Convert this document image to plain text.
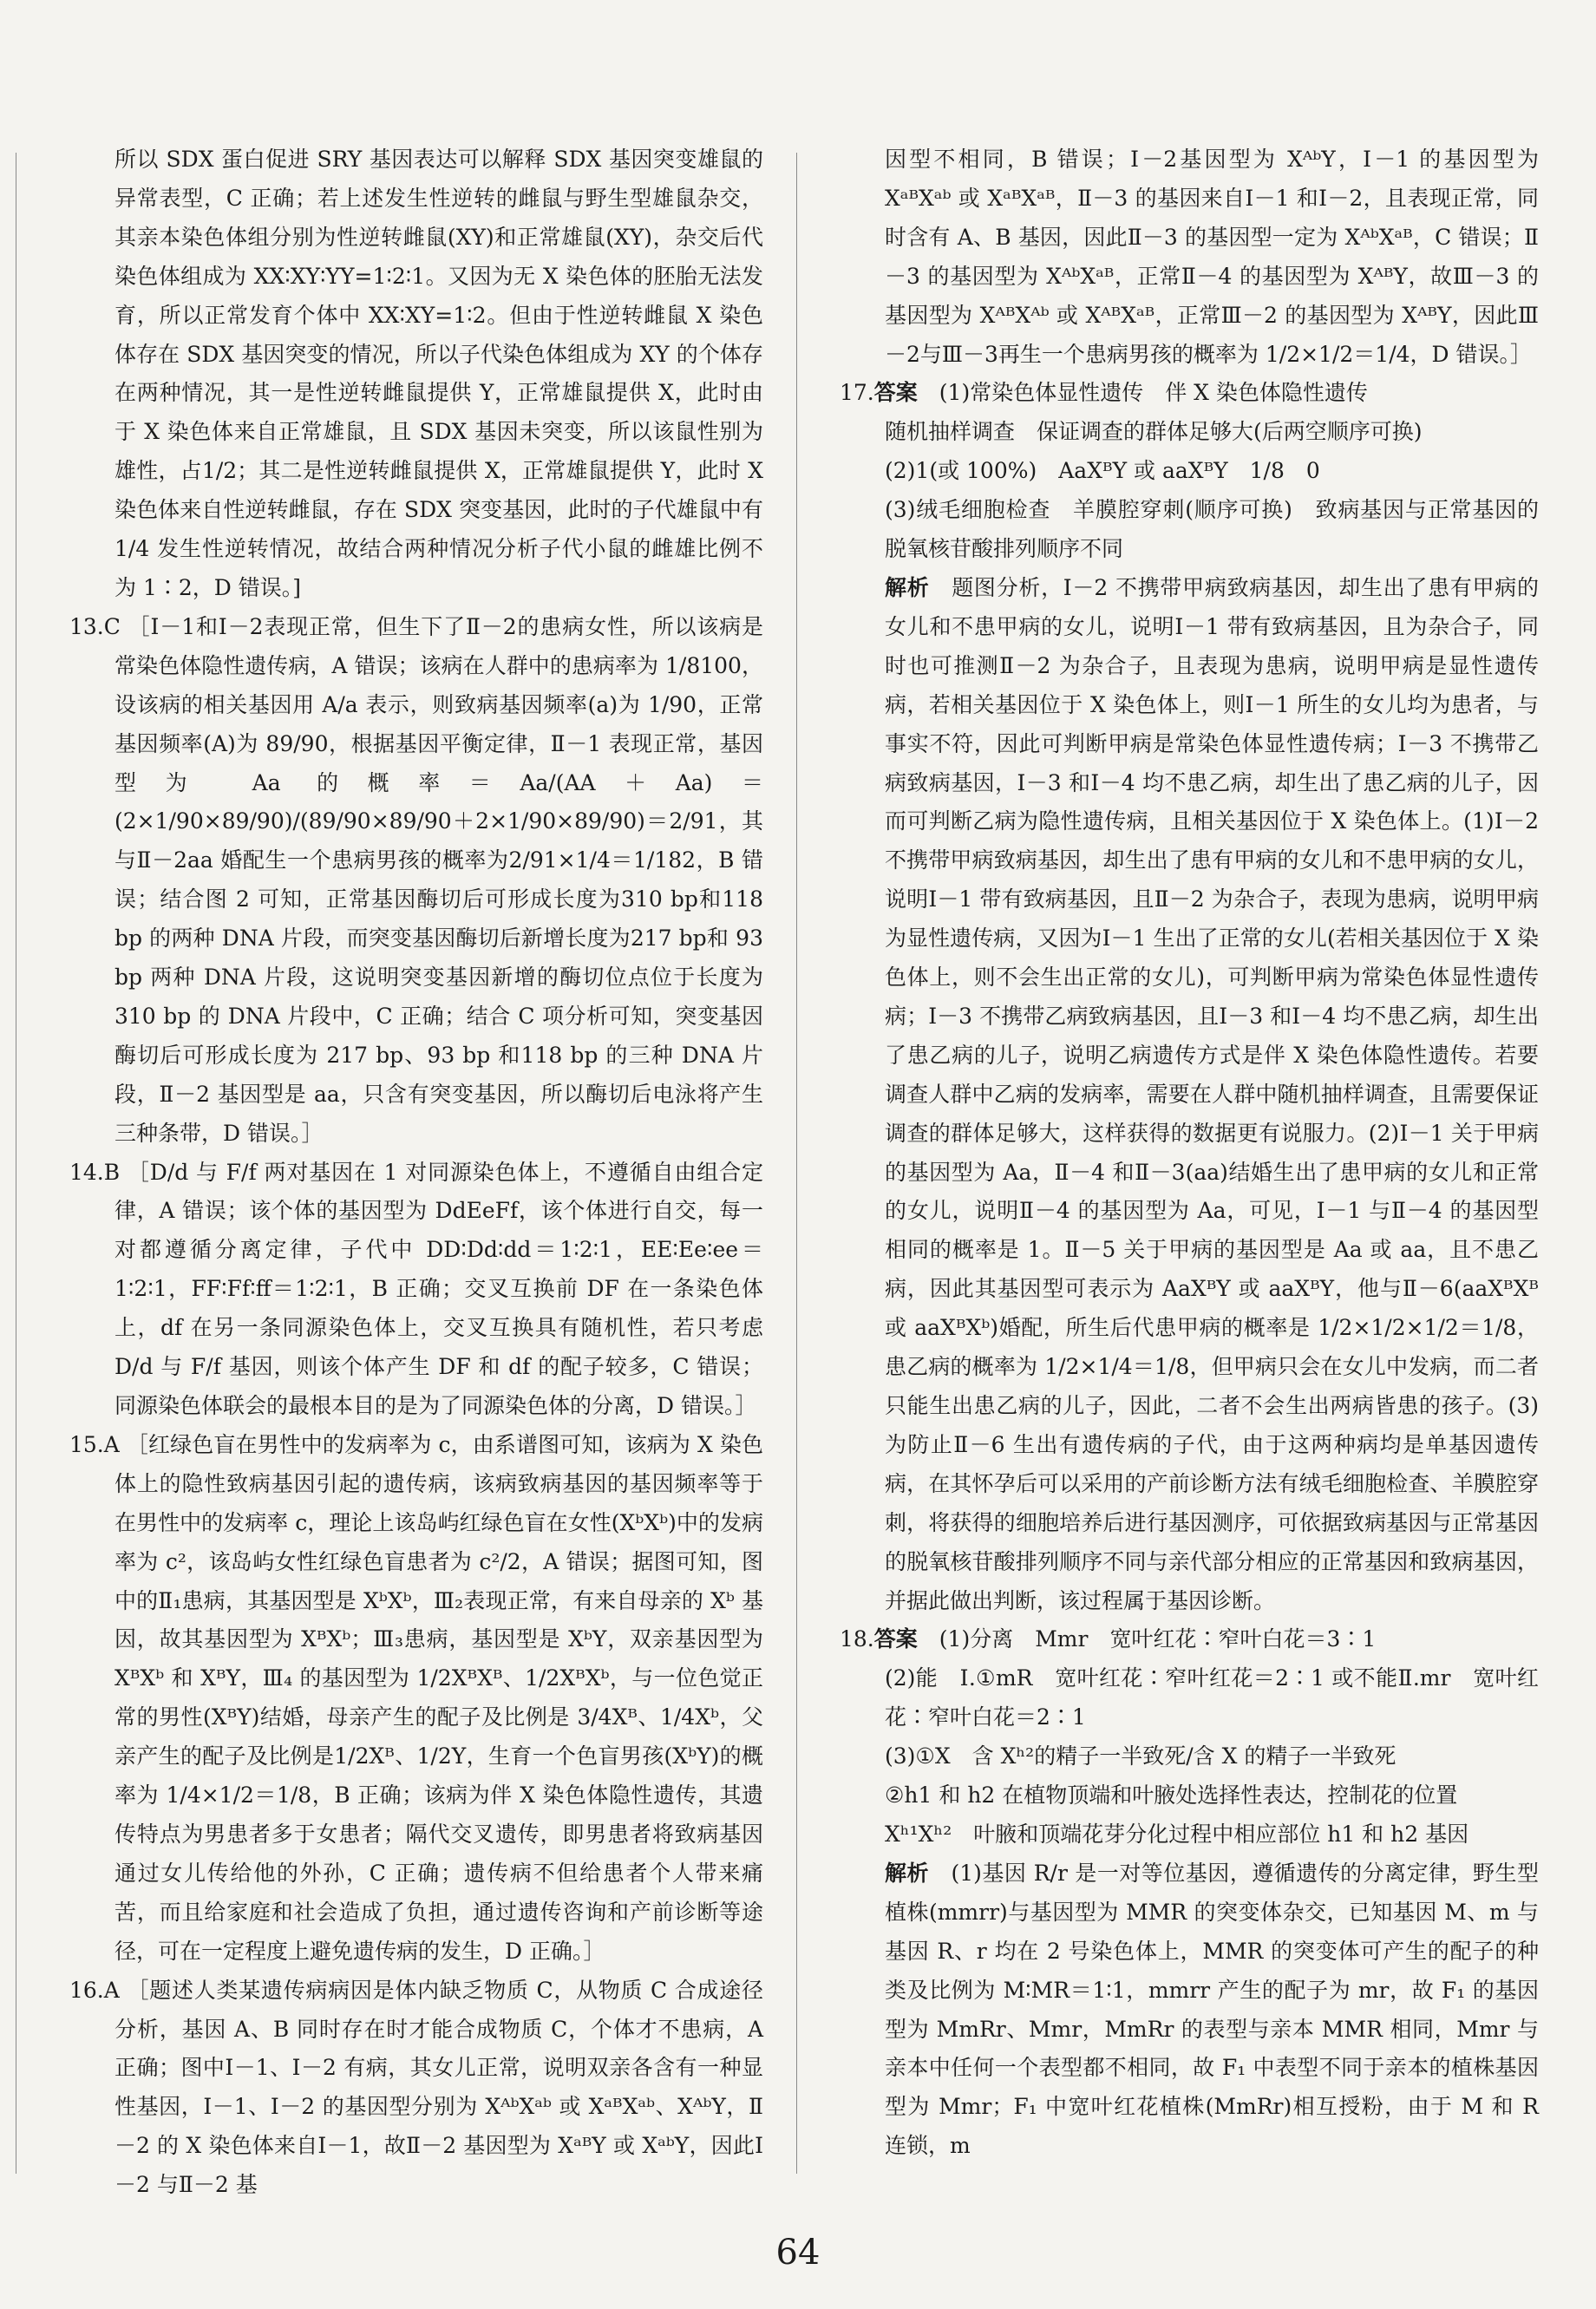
所以 SDX 蛋白促进 SRY 基因表达可以解释 SDX 基因突变雄鼠的异常表型，C 正确；若上述发生性逆转的雌鼠与野生型雄鼠杂交，其亲本染色体组分别为性逆转雌鼠(XY)和正常雄鼠(XY)，杂交后代染色体组成为 XX∶XY∶YY=1∶2∶1。又因为无 X 染色体的胚胎无法发育，所以正常发育个体中 XX∶XY=1∶2。但由于性逆转雌鼠 X 染色体存在 SDX 基因突变的情况，所以子代染色体组成为 XY 的个体存在两种情况，其一是性逆转雌鼠提供 Y，正常雄鼠提供 X，此时由于 X 染色体来自正常雄鼠，且 SDX 基因未突变，所以该鼠性别为雄性，占1/2；其二是性逆转雌鼠提供 X，正常雄鼠提供 Y，此时 X 染色体来自性逆转雌鼠，存在 SDX 突变基因，此时的子代雄鼠中有 1/4 发生性逆转情况，故结合两种情况分析子代小鼠的雌雄比例不为 1∶2，D 错误。]

13.C ［Ⅰ－1和Ⅰ－2表现正常，但生下了Ⅱ－2的患病女性，所以该病是常染色体隐性遗传病，A 错误；该病在人群中的患病率为 1/8100，设该病的相关基因用 A/a 表示，则致病基因频率(a)为 1/90，正常基因频率(A)为 89/90，根据基因平衡定律，Ⅱ－1 表现正常，基因型为 Aa 的概率＝Aa/(AA＋Aa)＝(2×1/90×89/90)/(89/90×89/90＋2×1/90×89/90)＝2/91，其与Ⅱ－2aa 婚配生一个患病男孩的概率为2/91×1/4＝1/182，B 错误；结合图 2 可知，正常基因酶切后可形成长度为310 bp和118 bp 的两种 DNA 片段，而突变基因酶切后新增长度为217 bp和 93 bp 两种 DNA 片段，这说明突变基因新增的酶切位点位于长度为 310 bp 的 DNA 片段中，C 正确；结合 C 项分析可知，突变基因酶切后可形成长度为 217 bp、93 bp 和118 bp 的三种 DNA 片段，Ⅱ－2 基因型是 aa，只含有突变基因，所以酶切后电泳将产生三种条带，D 错误。］

14.B ［D/d 与 F/f 两对基因在 1 对同源染色体上，不遵循自由组合定律，A 错误；该个体的基因型为 DdEeFf，该个体进行自交，每一对都遵循分离定律，子代中 DD∶Dd∶dd＝1∶2∶1，EE∶Ee∶ee＝1∶2∶1，FF∶Ff∶ff＝1∶2∶1，B 正确；交叉互换前 DF 在一条染色体上，df 在另一条同源染色体上，交叉互换具有随机性，若只考虑 D/d 与 F/f 基因，则该个体产生 DF 和 df 的配子较多，C 错误；同源染色体联会的最根本目的是为了同源染色体的分离，D 错误。］

15.A ［红绿色盲在男性中的发病率为 c，由系谱图可知，该病为 X 染色体上的隐性致病基因引起的遗传病，该病致病基因的基因频率等于在男性中的发病率 c，理论上该岛屿红绿色盲在女性(XᵇXᵇ)中的发病率为 c²，该岛屿女性红绿色盲患者为 c²/2，A 错误；据图可知，图中的Ⅱ₁患病，其基因型是 XᵇXᵇ，Ⅲ₂表现正常，有来自母亲的 Xᵇ 基因，故其基因型为 XᴮXᵇ；Ⅲ₃患病，基因型是 XᵇY，双亲基因型为 XᴮXᵇ 和 XᴮY，Ⅲ₄ 的基因型为 1/2XᴮXᴮ、1/2XᴮXᵇ，与一位色觉正常的男性(XᴮY)结婚，母亲产生的配子及比例是 3/4Xᴮ、1/4Xᵇ，父亲产生的配子及比例是1/2Xᴮ、1/2Y，生育一个色盲男孩(XᵇY)的概率为 1/4×1/2＝1/8，B 正确；该病为伴 X 染色体隐性遗传，其遗传特点为男患者多于女患者；隔代交叉遗传，即男患者将致病基因通过女儿传给他的外孙，C 正确；遗传病不但给患者个人带来痛苦，而且给家庭和社会造成了负担，通过遗传咨询和产前诊断等途径，可在一定程度上避免遗传病的发生，D 正确。］

16.A ［题述人类某遗传病病因是体内缺乏物质 C，从物质 C 合成途径分析，基因 A、B 同时存在时才能合成物质 C，个体才不患病，A 正确；图中Ⅰ－1、Ⅰ－2 有病，其女儿正常，说明双亲各含有一种显性基因，Ⅰ－1、Ⅰ－2 的基因型分别为 XᴬᵇXᵃᵇ 或 XᵃᴮXᵃᵇ、XᴬᵇY，Ⅱ－2 的 X 染色体来自Ⅰ－1，故Ⅱ－2 基因型为 XᵃᴮY 或 XᵃᵇY，因此Ⅰ－2 与Ⅱ－2 基

因型不相同，B 错误；Ⅰ－2基因型为 XᴬᵇY，Ⅰ－1 的基因型为 XᵃᴮXᵃᵇ 或 XᵃᴮXᵃᴮ，Ⅱ－3 的基因来自Ⅰ－1 和Ⅰ－2，且表现正常，同时含有 A、B 基因，因此Ⅱ－3 的基因型一定为 XᴬᵇXᵃᴮ，C 错误；Ⅱ－3 的基因型为 XᴬᵇXᵃᴮ，正常Ⅱ－4 的基因型为 XᴬᴮY，故Ⅲ－3 的基因型为 XᴬᴮXᴬᵇ 或 XᴬᴮXᵃᴮ，正常Ⅲ－2 的基因型为 XᴬᴮY，因此Ⅲ－2与Ⅲ－3再生一个患病男孩的概率为 1/2×1/2＝1/4，D 错误。］

17.答案　 (1)常染色体显性遗传　伴 X 染色体隐性遗传

随机抽样调查　保证调查的群体足够大(后两空顺序可换)

(2)1(或 100%)　AaXᴮY 或 aaXᴮY　1/8　0

(3)绒毛细胞检查　羊膜腔穿刺(顺序可换)　致病基因与正常基因的脱氧核苷酸排列顺序不同

解析　 题图分析，Ⅰ－2 不携带甲病致病基因，却生出了患有甲病的女儿和不患甲病的女儿，说明Ⅰ－1 带有致病基因，且为杂合子，同时也可推测Ⅱ－2 为杂合子，且表现为患病，说明甲病是显性遗传病，若相关基因位于 X 染色体上，则Ⅰ－1 所生的女儿均为患者，与事实不符，因此可判断甲病是常染色体显性遗传病；Ⅰ－3 不携带乙病致病基因，Ⅰ－3 和Ⅰ－4 均不患乙病，却生出了患乙病的儿子，因而可判断乙病为隐性遗传病，且相关基因位于 X 染色体上。(1)Ⅰ－2 不携带甲病致病基因，却生出了患有甲病的女儿和不患甲病的女儿，说明Ⅰ－1 带有致病基因，且Ⅱ－2 为杂合子，表现为患病，说明甲病为显性遗传病，又因为Ⅰ－1 生出了正常的女儿(若相关基因位于 X 染色体上，则不会生出正常的女儿)，可判断甲病为常染色体显性遗传病；Ⅰ－3 不携带乙病致病基因，且Ⅰ－3 和Ⅰ－4 均不患乙病，却生出了患乙病的儿子，说明乙病遗传方式是伴 X 染色体隐性遗传。若要调查人群中乙病的发病率，需要在人群中随机抽样调查，且需要保证调查的群体足够大，这样获得的数据更有说服力。(2)Ⅰ－1 关于甲病的基因型为 Aa，Ⅱ－4 和Ⅱ－3(aa)结婚生出了患甲病的女儿和正常的女儿，说明Ⅱ－4 的基因型为 Aa，可见，Ⅰ－1 与Ⅱ－4 的基因型相同的概率是 1。Ⅱ－5 关于甲病的基因型是 Aa 或 aa，且不患乙病，因此其基因型可表示为 AaXᴮY 或 aaXᴮY，他与Ⅱ－6(aaXᴮXᴮ 或 aaXᴮXᵇ)婚配，所生后代患甲病的概率是 1/2×1/2×1/2＝1/8，患乙病的概率为 1/2×1/4＝1/8，但甲病只会在女儿中发病，而二者只能生出患乙病的儿子，因此，二者不会生出两病皆患的孩子。(3)为防止Ⅱ－6 生出有遗传病的子代，由于这两种病均是单基因遗传病，在其怀孕后可以采用的产前诊断方法有绒毛细胞检查、羊膜腔穿刺，将获得的细胞培养后进行基因测序，可依据致病基因与正常基因的脱氧核苷酸排列顺序不同与亲代部分相应的正常基因和致病基因，并据此做出判断，该过程属于基因诊断。

18.答案　 (1)分离　Mmr　宽叶红花∶窄叶白花＝3∶1

(2)能　Ⅰ.①mR　宽叶红花∶窄叶红花＝2∶1 或不能Ⅱ.mr　宽叶红花∶窄叶白花＝2∶1

(3)①X　含 Xʰ²的精子一半致死/含 X 的精子一半致死

②h1 和 h2 在植物顶端和叶腋处选择性表达，控制花的位置

Xʰ¹Xʰ²　叶腋和顶端花芽分化过程中相应部位 h1 和 h2 基因

解析　 (1)基因 R/r 是一对等位基因，遵循遗传的分离定律，野生型植株(mmrr)与基因型为 MMR 的突变体杂交，已知基因 M、m 与基因 R、r 均在 2 号染色体上，MMR 的突变体可产生的配子的种类及比例为 M∶MR＝1∶1，mmrr 产生的配子为 mr，故 F₁ 的基因型为 MmRr、Mmr，MmRr 的表型与亲本 MMR 相同，Mmr 与亲本中任何一个表型都不相同，故 F₁ 中表型不同于亲本的植株基因型为 Mmr；F₁ 中宽叶红花植株(MmRr)相互授粉，由于 M 和 R 连锁，m

64
